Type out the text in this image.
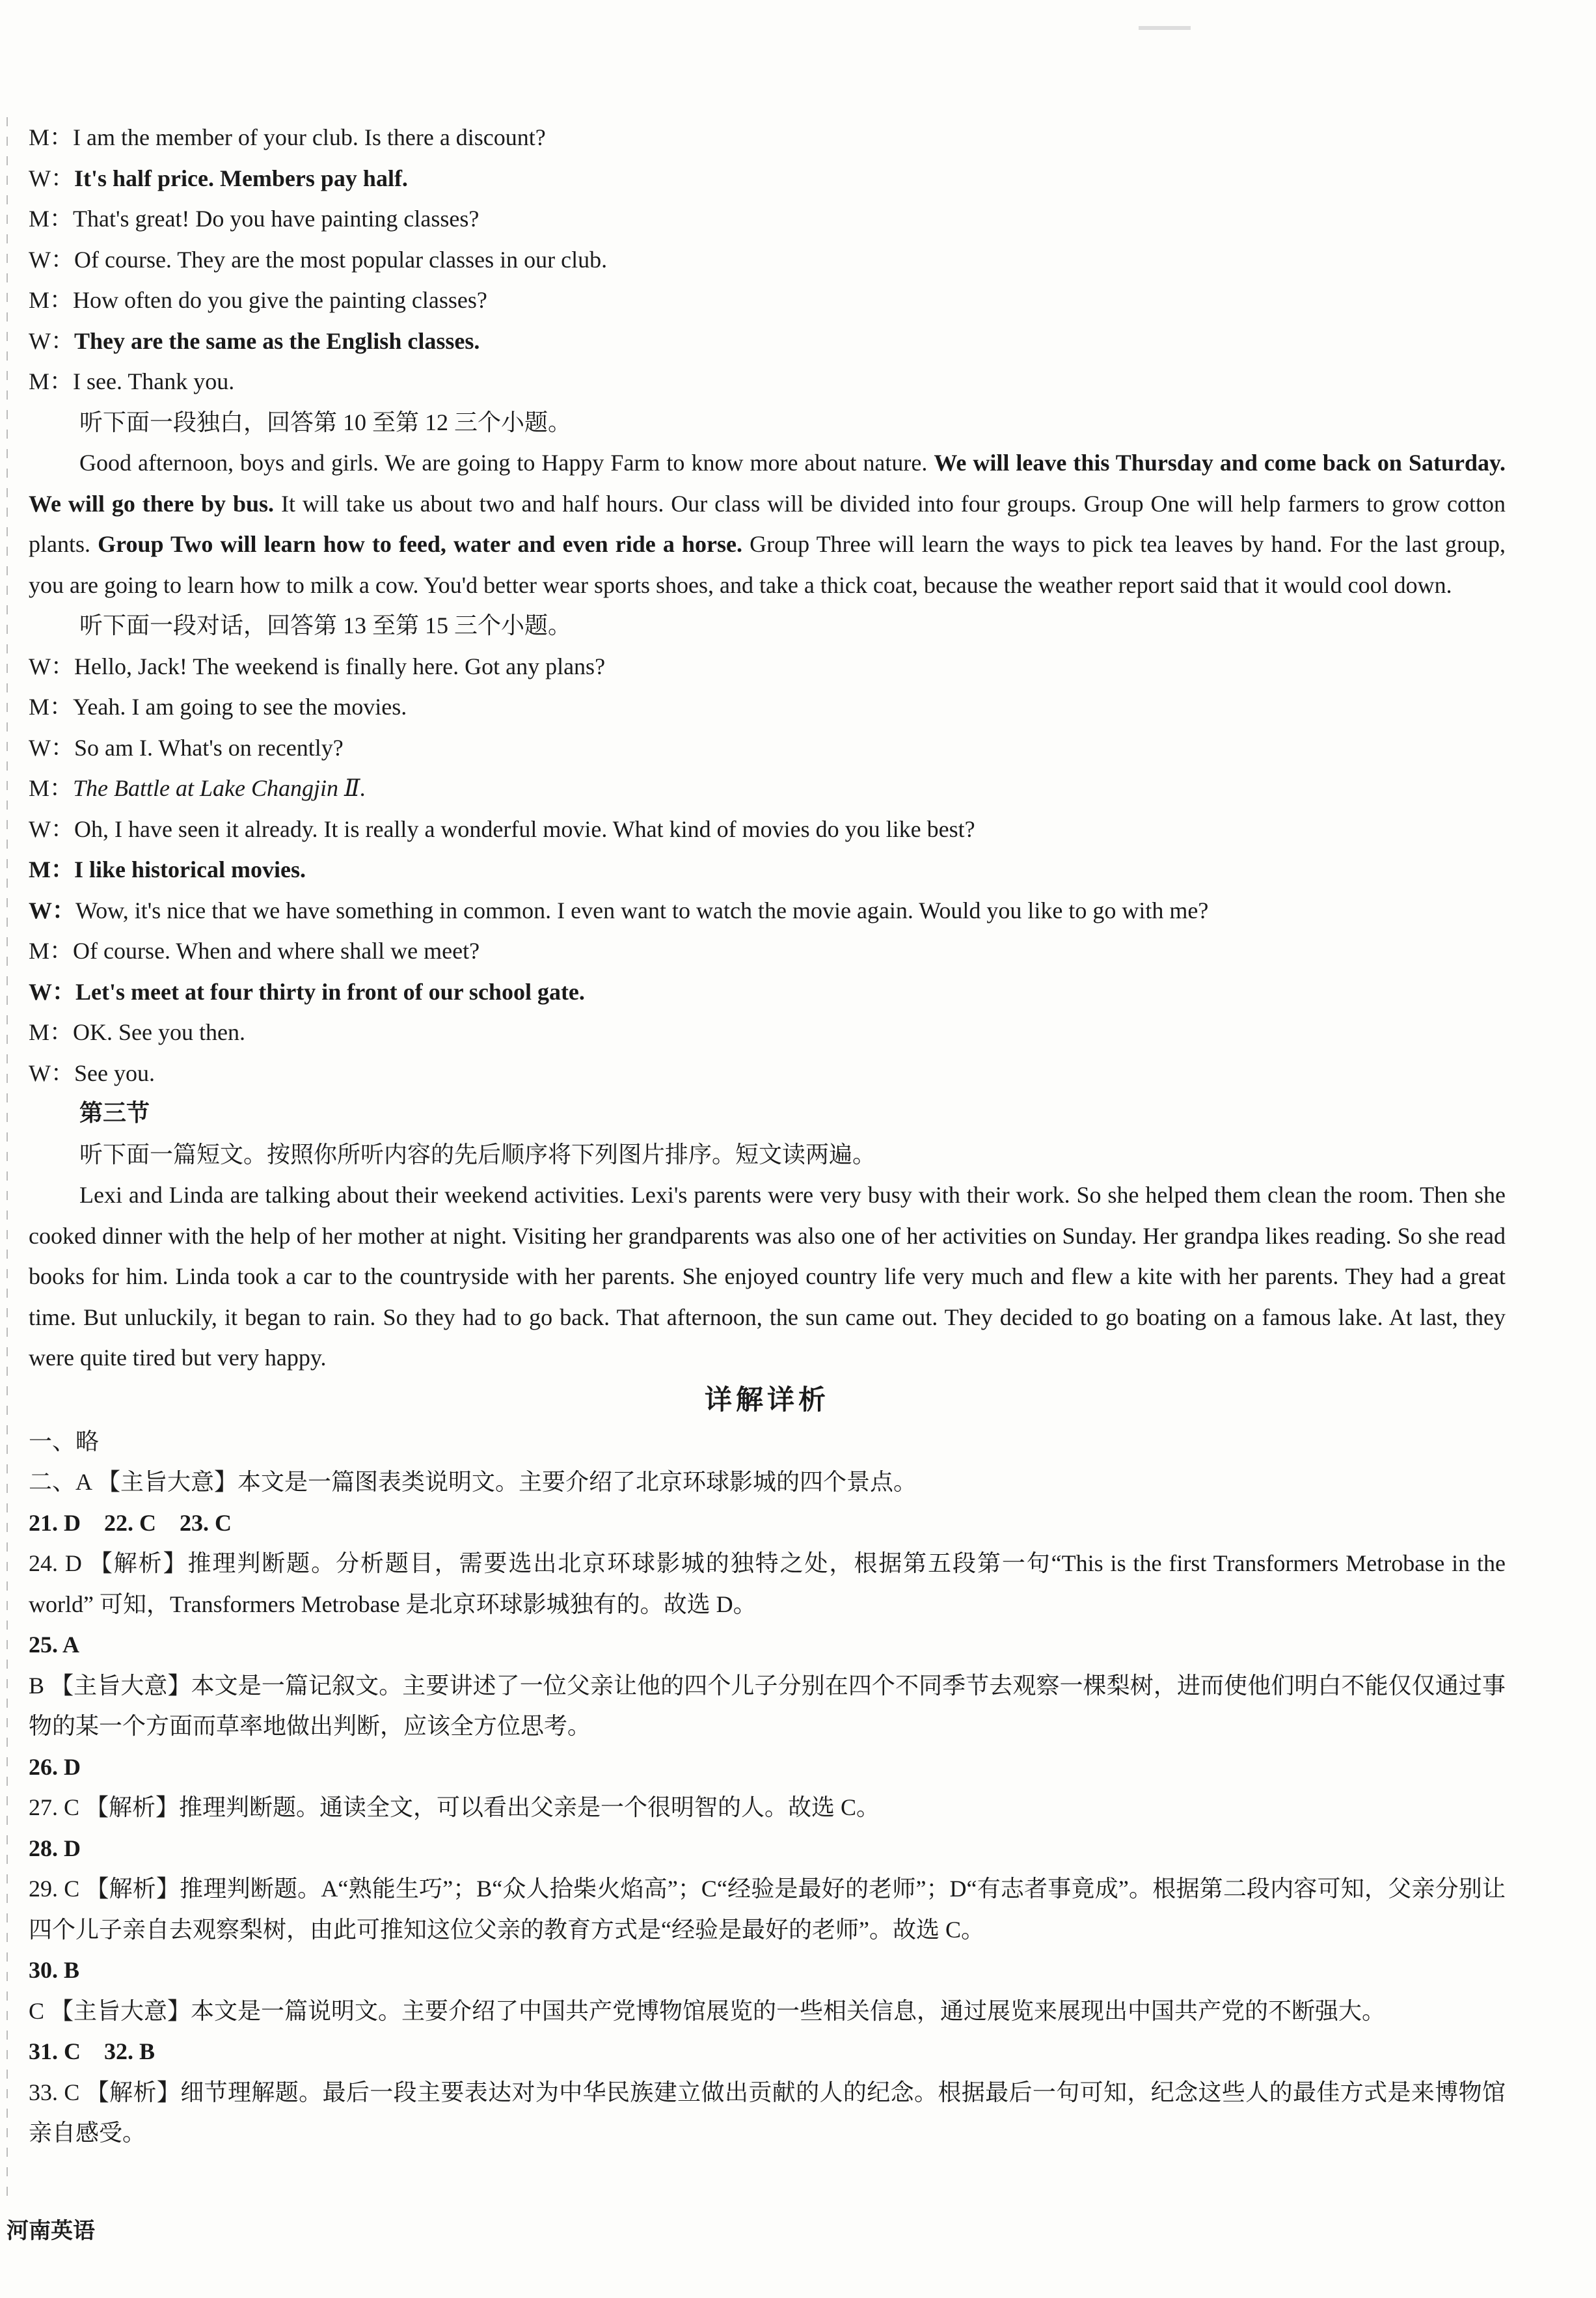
M：I am the member of your club. Is there a discount?
W：It's half price. Members pay half.
M：That's great! Do you have painting classes?
W：Of course. They are the most popular classes in our club.
M：How often do you give the painting classes?
W：They are the same as the English classes.
M：I see. Thank you.
听下面一段独白，回答第 10 至第 12 三个小题。
Good afternoon, boys and girls. We are going to Happy Farm to know more about nature. We will leave this Thursday and come back on Saturday. We will go there by bus. It will take us about two and half hours. Our class will be divided into four groups. Group One will help farmers to grow cotton plants. Group Two will learn how to feed, water and even ride a horse. Group Three will learn the ways to pick tea leaves by hand. For the last group, you are going to learn how to milk a cow. You'd better wear sports shoes, and take a thick coat, because the weather report said that it would cool down.
听下面一段对话，回答第 13 至第 15 三个小题。
W：Hello, Jack! The weekend is finally here. Got any plans?
M：Yeah. I am going to see the movies.
W：So am I. What's on recently?
M：The Battle at Lake Changjin Ⅱ.
W：Oh, I have seen it already. It is really a wonderful movie. What kind of movies do you like best?
M：I like historical movies.
W：Wow, it's nice that we have something in common. I even want to watch the movie again. Would you like to go with me?
M：Of course. When and where shall we meet?
W：Let's meet at four thirty in front of our school gate.
M：OK. See you then.
W：See you.
第三节
听下面一篇短文。按照你所听内容的先后顺序将下列图片排序。短文读两遍。
Lexi and Linda are talking about their weekend activities. Lexi's parents were very busy with their work. So she helped them clean the room. Then she cooked dinner with the help of her mother at night. Visiting her grandparents was also one of her activities on Sunday. Her grandpa likes reading. So she read books for him. Linda took a car to the countryside with her parents. She enjoyed country life very much and flew a kite with her parents. They had a great time. But unluckily, it began to rain. So they had to go back. That afternoon, the sun came out. They decided to go boating on a famous lake. At last, they were quite tired but very happy.
详解详析
一、略
二、A 【主旨大意】本文是一篇图表类说明文。主要介绍了北京环球影城的四个景点。
21. D　22. C　23. C
24. D 【解析】推理判断题。分析题目，需要选出北京环球影城的独特之处，根据第五段第一句“This is the first Transformers Metrobase in the world” 可知，Transformers Metrobase 是北京环球影城独有的。故选 D。
25. A
B 【主旨大意】本文是一篇记叙文。主要讲述了一位父亲让他的四个儿子分别在四个不同季节去观察一棵梨树，进而使他们明白不能仅仅通过事物的某一个方面而草率地做出判断，应该全方位思考。
26. D
27. C 【解析】推理判断题。通读全文，可以看出父亲是一个很明智的人。故选 C。
28. D
29. C 【解析】推理判断题。A“熟能生巧”；B“众人拾柴火焰高”；C“经验是最好的老师”；D“有志者事竟成”。根据第二段内容可知，父亲分别让四个儿子亲自去观察梨树，由此可推知这位父亲的教育方式是“经验是最好的老师”。故选 C。
30. B
C 【主旨大意】本文是一篇说明文。主要介绍了中国共产党博物馆展览的一些相关信息，通过展览来展现出中国共产党的不断强大。
31. C　32. B
33. C 【解析】细节理解题。最后一段主要表达对为中华民族建立做出贡献的人的纪念。根据最后一句可知，纪念这些人的最佳方式是来博物馆亲自感受。
河南英语
